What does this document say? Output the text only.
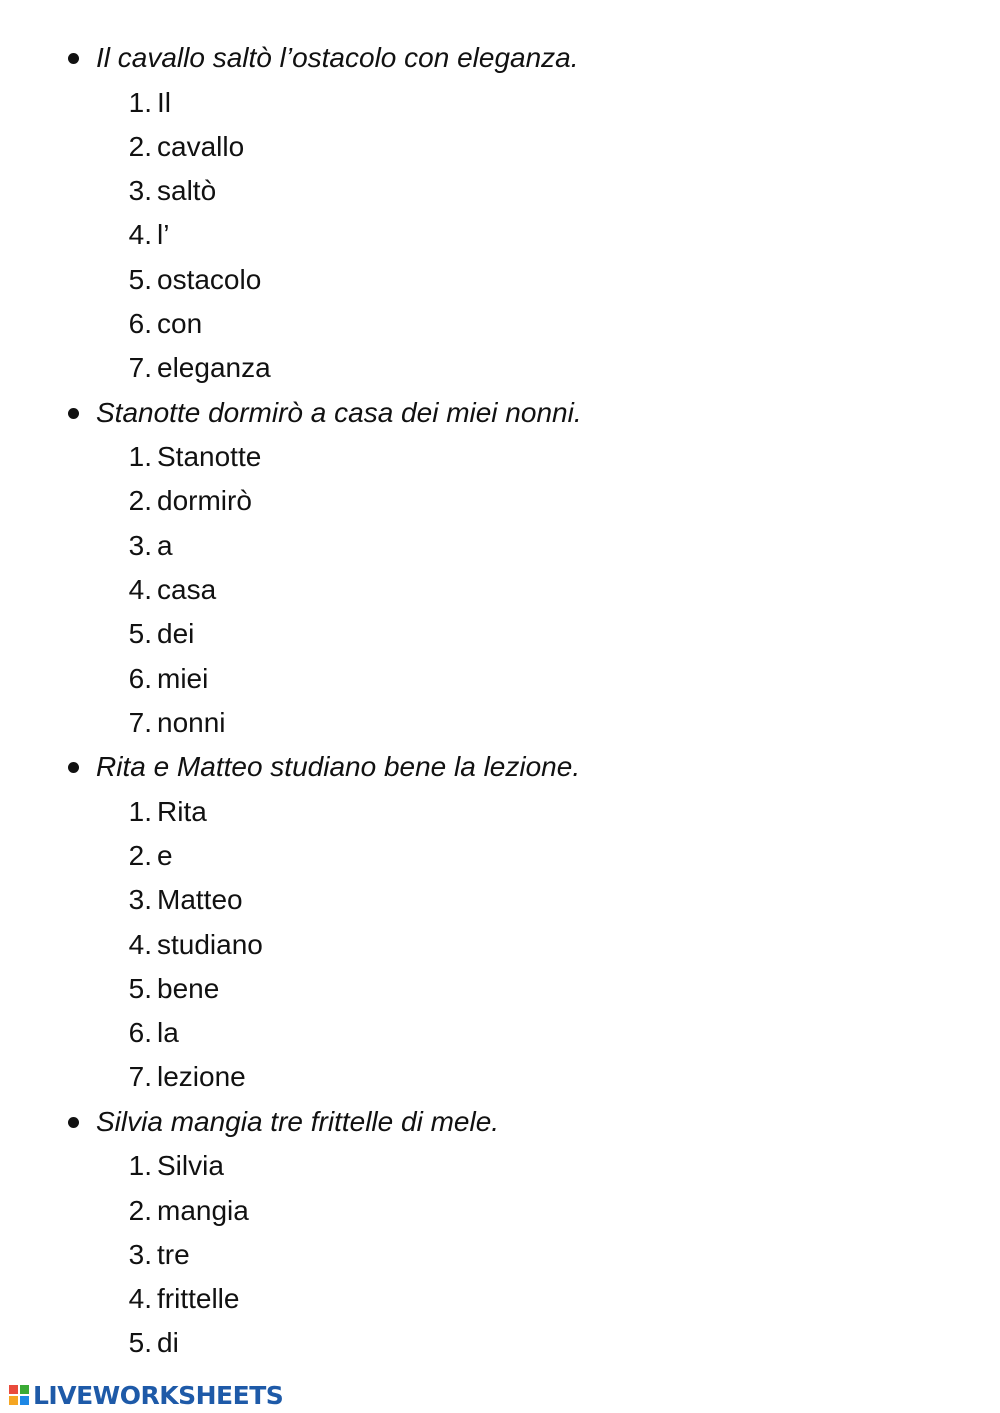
Il cavallo saltò l’ostacolo con eleganza.
1. Il
2. cavallo
3. saltò
4. l’
5. ostacolo
6. con
7. eleganza
Stanotte dormirò a casa dei miei nonni.
1. Stanotte
2. dormirò
3. a
4. casa
5. dei
6. miei
7. nonni
Rita e Matteo studiano bene la lezione.
1. Rita
2. e
3. Matteo
4. studiano
5. bene
6. la
7. lezione
Silvia mangia tre frittelle di mele.
1. Silvia
2. mangia
3. tre
4. frittelle
5. di
LIVEWORKSHEETS
